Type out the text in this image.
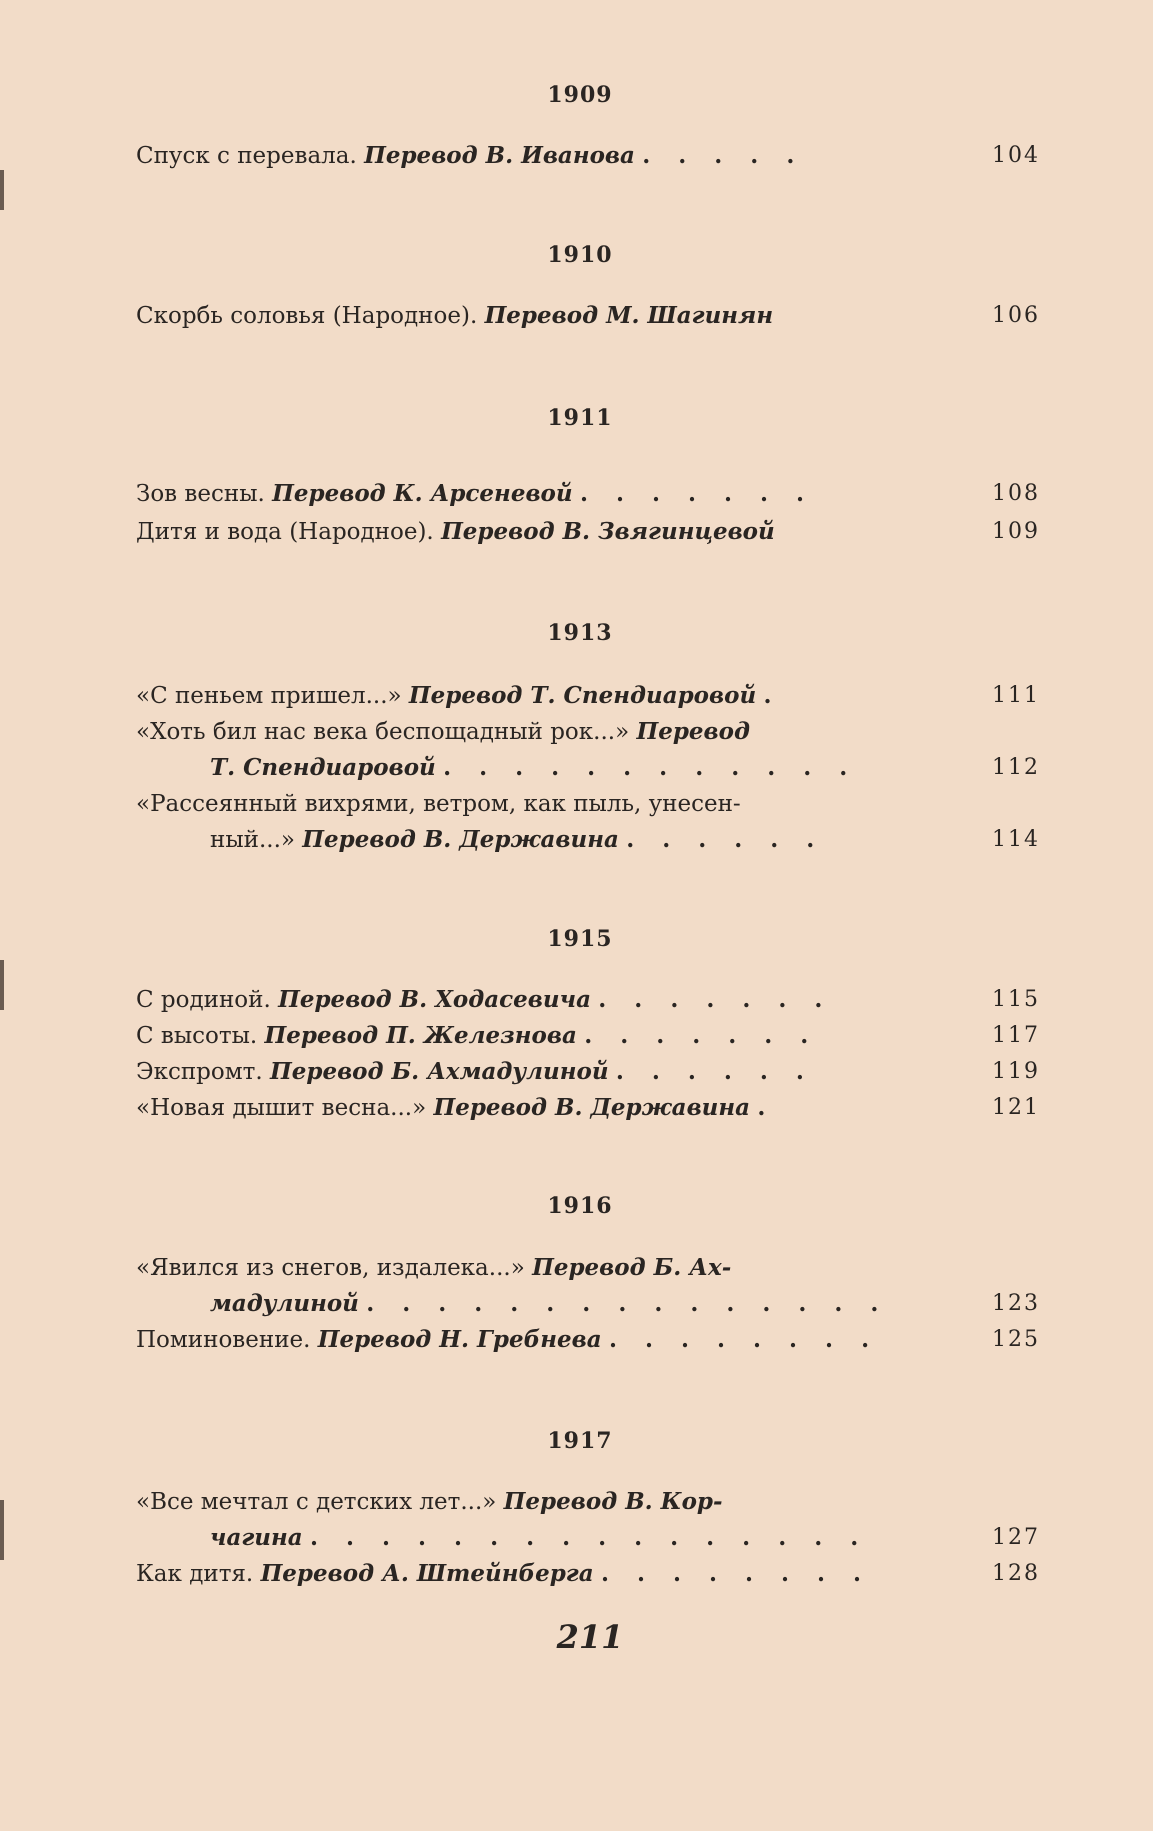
1909
Спуск с перевала. Перевод В. Иванова . . . . .	104
1910
Скорбь соловья (Народное). Перевод М. Шагинян	106
1911
Зов весны. Перевод К. Арсеневой . . . . . . .	108
Дитя и вода (Народное). Перевод В. Звягинцевой	109
1913
«С пеньем пришел...» Перевод Т. Спендиаровой .	111
«Хоть бил нас века беспощадный рок...» Перевод
Т. Спендиаровой . . . . . . . . . . . .	112
«Рассеянный вихрями, ветром, как пыль, унесен-
ный...» Перевод В. Державина . . . . . .	114
1915
С родиной. Перевод В. Ходасевича . . . . . . .	115
С высоты. Перевод П. Железнова . . . . . . .	117
Экспромт. Перевод Б. Ахмадулиной . . . . . .	119
«Новая дышит весна...» Перевод В. Державина .	121
1916
«Явился из снегов, издалека...» Перевод Б. Ах-
мадулиной . . . . . . . . . . . . . . .	123
Поминовение. Перевод Н. Гребнева . . . . . . . .	125
1917
«Все мечтал с детских лет...» Перевод В. Кор-
чагина . . . . . . . . . . . . . . . .	127
Как дитя. Перевод А. Штейнберга . . . . . . . .	128
211
